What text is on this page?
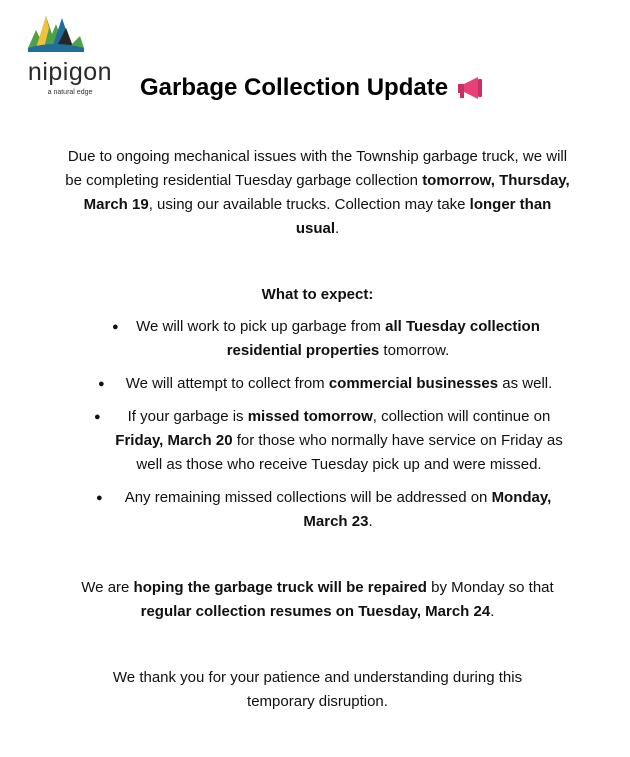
nipigon
a natural edge	Garbage Collection Update
Due to ongoing mechanical issues with the Township garbage truck, we will be completing residential Tuesday garbage collection tomorrow, Thursday, March 19, using our available trucks. Collection may take longer than usual.
What to expect:
● We will work to pick up garbage from all Tuesday collection residential properties tomorrow.
● We will attempt to collect from commercial businesses as well.
● If your garbage is missed tomorrow, collection will continue on Friday, March 20 for those who normally have service on Friday as well as those who receive Tuesday pick up and were missed.
● Any remaining missed collections will be addressed on Monday, March 23.
We are hoping the garbage truck will be repaired by Monday so that regular collection resumes on Tuesday, March 24.
We thank you for your patience and understanding during this temporary disruption.
